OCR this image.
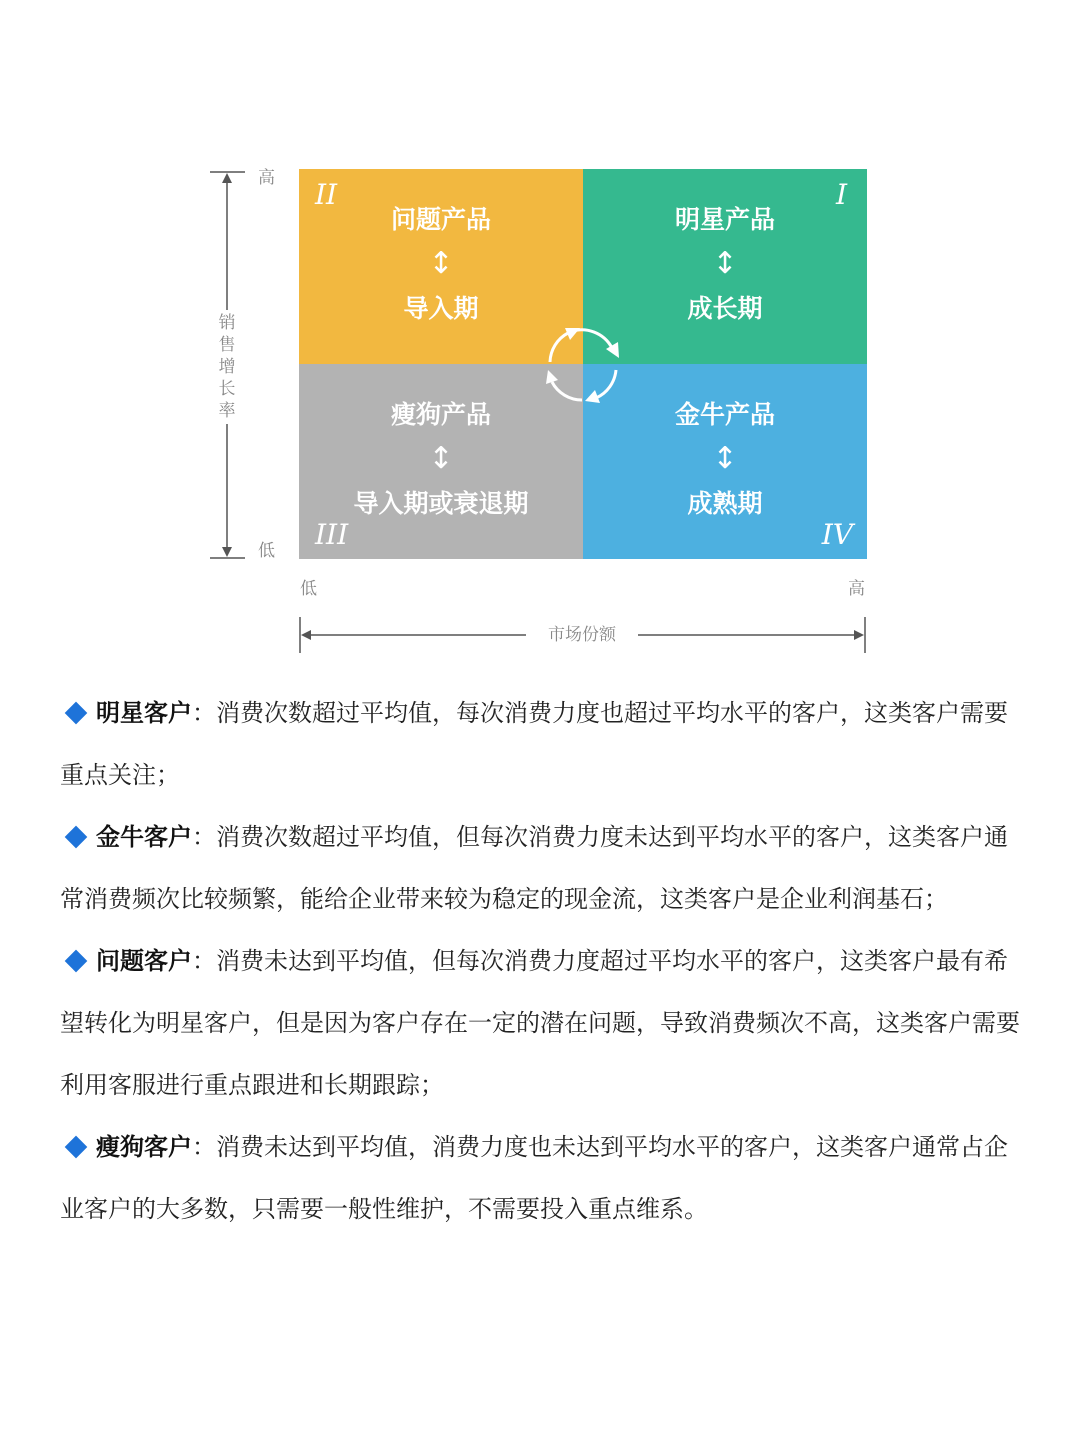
高
低
销售增长率
II
问题产品
↕
导入期
I
明星产品
↕
成长期
III
瘦狗产品
↕
导入期或衰退期
IV
金牛产品
↕
成熟期
低	高
市场份额

明星客户：消费次数超过平均值，每次消费力度也超过平均水平的客户，这类客户需要重点关注；

金牛客户：消费次数超过平均值，但每次消费力度未达到平均水平的客户，这类客户通常消费频次比较频繁，能给企业带来较为稳定的现金流，这类客户是企业利润基石；

问题客户：消费未达到平均值，但每次消费力度超过平均水平的客户，这类客户最有希望转化为明星客户，但是因为客户存在一定的潜在问题，导致消费频次不高，这类客户需要利用客服进行重点跟进和长期跟踪；

瘦狗客户：消费未达到平均值，消费力度也未达到平均水平的客户，这类客户通常占企业客户的大多数，只需要一般性维护，不需要投入重点维系。
